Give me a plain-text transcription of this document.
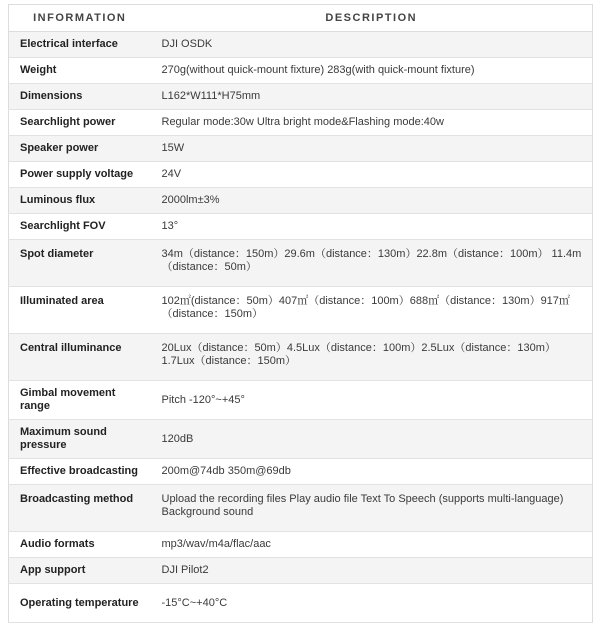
INFORMATION	DESCRIPTION
Electrical interface	DJI OSDK
Weight	270g(without quick-mount fixture) 283g(with quick-mount fixture)
Dimensions	L162*W111*H75mm
Searchlight power	Regular mode:30w Ultra bright mode&Flashing mode:40w
Speaker power	15W
Power supply voltage	24V
Luminous flux	2000lm±3%
Searchlight FOV	13°
Spot diameter	34m（distance：150m）29.6m（distance：130m）22.8m（distance：100m） 11.4m（distance：50m）
Illuminated area	102㎡(distance：50m）407㎡（distance：100m）688㎡（distance：130m）917㎡（distance：150m）
Central illuminance	20Lux（distance：50m）4.5Lux（distance：100m）2.5Lux（distance：130m） 1.7Lux（distance：150m）
Gimbal movement range	Pitch -120°~+45°
Maximum sound pressure	120dB
Effective broadcasting	200m@74db 350m@69db
Broadcasting method	Upload the recording files Play audio file Text To Speech (supports multi-language) Background sound
Audio formats	mp3/wav/m4a/flac/aac
App support	DJI Pilot2
Operating temperature	-15°C~+40°C
